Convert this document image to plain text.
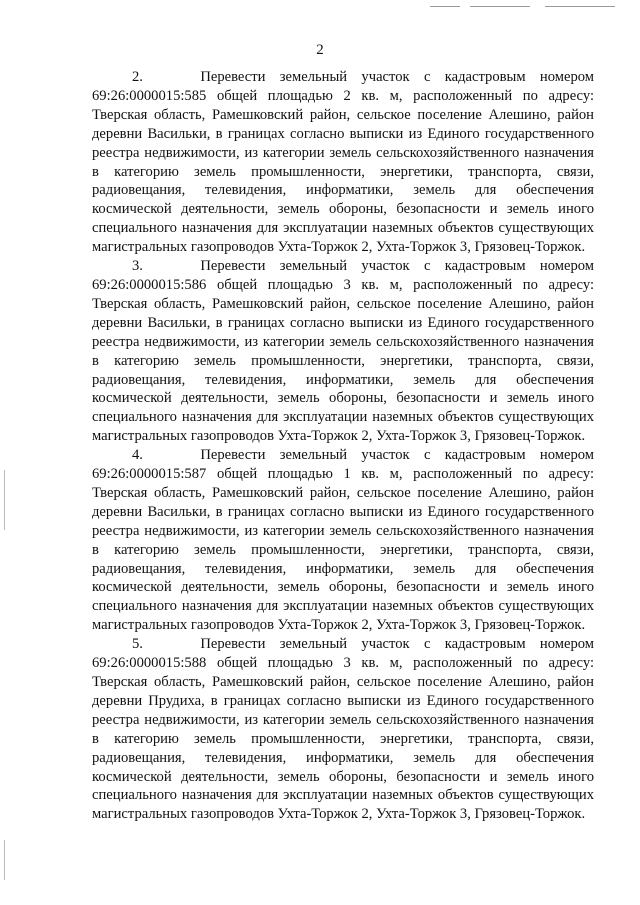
2

2.	Перевести земельный участок с кадастровым номером 69:26:0000015:585 общей площадью 2 кв. м, расположенный по адресу: Тверская область, Рамешковский район, сельское поселение Алешино, район деревни Васильки, в границах согласно выписки из Единого государственного реестра недвижимости, из категории земель сельскохозяйственного назначения в категорию земель промышленности, энергетики, транспорта, связи, радиовещания, телевидения, информатики, земель для обеспечения космической деятельности, земель обороны, безопасности и земель иного специального назначения для эксплуатации наземных объектов существующих магистральных газопроводов Ухта-Торжок 2, Ухта-Торжок 3, Грязовец-Торжок.

3.	Перевести земельный участок с кадастровым номером 69:26:0000015:586 общей площадью 3 кв. м, расположенный по адресу: Тверская область, Рамешковский район, сельское поселение Алешино, район деревни Васильки, в границах согласно выписки из Единого государственного реестра недвижимости, из категории земель сельскохозяйственного назначения в категорию земель промышленности, энергетики, транспорта, связи, радиовещания, телевидения, информатики, земель для обеспечения космической деятельности, земель обороны, безопасности и земель иного специального назначения для эксплуатации наземных объектов существующих магистральных газопроводов Ухта-Торжок 2, Ухта-Торжок 3, Грязовец-Торжок.

4.	Перевести земельный участок с кадастровым номером 69:26:0000015:587 общей площадью 1 кв. м, расположенный по адресу: Тверская область, Рамешковский район, сельское поселение Алешино, район деревни Васильки, в границах согласно выписки из Единого государственного реестра недвижимости, из категории земель сельскохозяйственного назначения в категорию земель промышленности, энергетики, транспорта, связи, радиовещания, телевидения, информатики, земель для обеспечения космической деятельности, земель обороны, безопасности и земель иного специального назначения для эксплуатации наземных объектов существующих магистральных газопроводов Ухта-Торжок 2, Ухта-Торжок 3, Грязовец-Торжок.

5.	Перевести земельный участок с кадастровым номером 69:26:0000015:588 общей площадью 3 кв. м, расположенный по адресу: Тверская область, Рамешковский район, сельское поселение Алешино, район деревни Прудиха, в границах согласно выписки из Единого государственного реестра недвижимости, из категории земель сельскохозяйственного назначения в категорию земель промышленности, энергетики, транспорта, связи, радиовещания, телевидения, информатики, земель для обеспечения космической деятельности, земель обороны, безопасности и земель иного специального назначения для эксплуатации наземных объектов существующих магистральных газопроводов Ухта-Торжок 2, Ухта-Торжок 3, Грязовец-Торжок.
